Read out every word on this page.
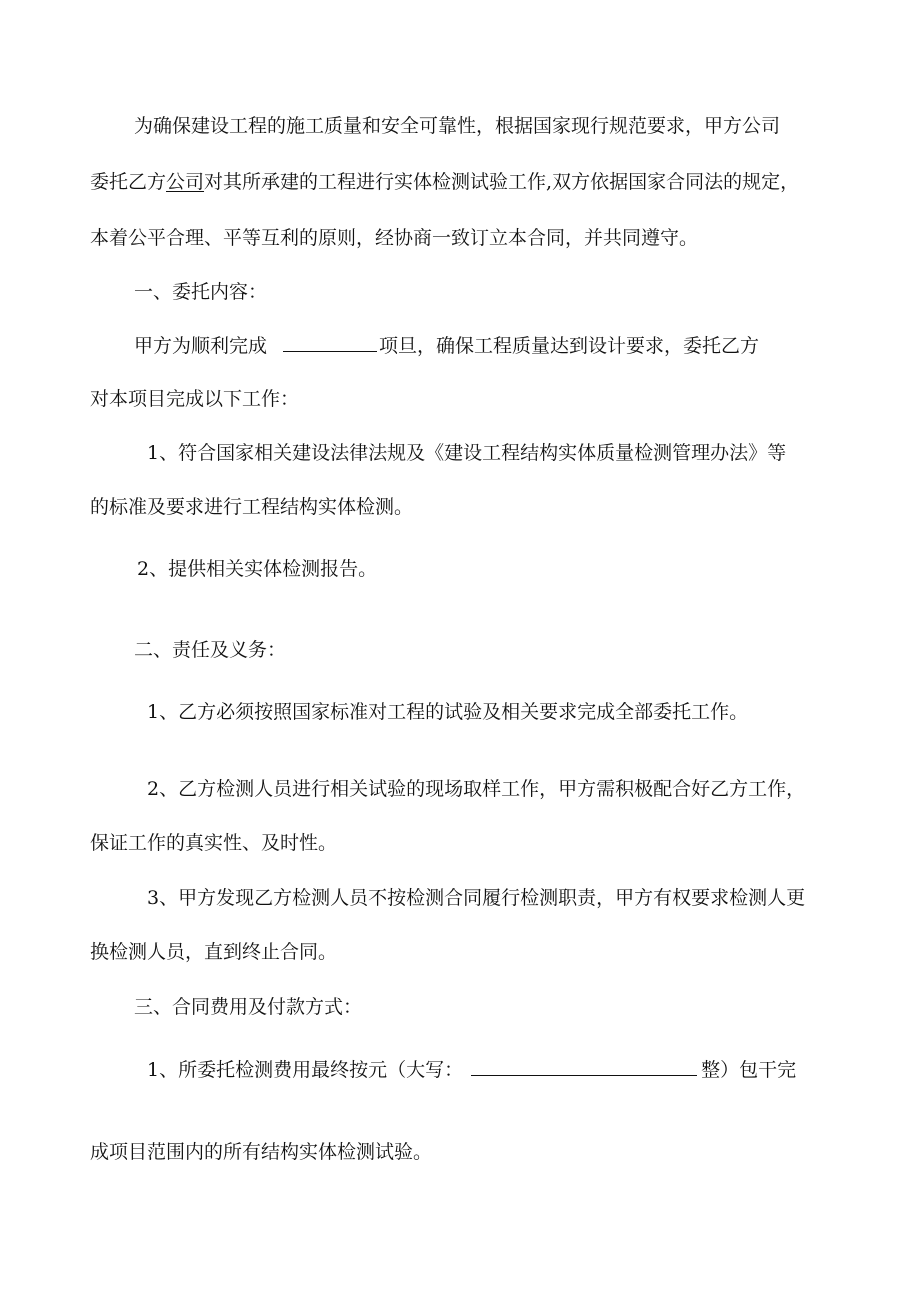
为确保建设工程的施工质量和安全可靠性，根据国家现行规范要求，甲方公司
委托乙方公司对其所承建的工程进行实体检测试验工作,双方依据国家合同法的规定，
本着公平合理、平等互利的原则，经协商一致订立本合同，并共同遵守。
一、委托内容：
甲方为顺利完成	项旦，确保工程质量达到设计要求，委托乙方
对本项目完成以下工作：
1、符合国家相关建设法律法规及《建设工程结构实体质量检测管理办法》等
的标准及要求进行工程结构实体检测。
2、提供相关实体检测报告。
二、责任及义务：
1、乙方必须按照国家标准对工程的试验及相关要求完成全部委托工作。
2、乙方检测人员进行相关试验的现场取样工作，甲方需积极配合好乙方工作，
保证工作的真实性、及时性。
3、甲方发现乙方检测人员不按检测合同履行检测职责，甲方有权要求检测人更
换检测人员，直到终止合同。
三、合同费用及付款方式：
1、所委托检测费用最终按元（大写：	整）包干完
成项目范围内的所有结构实体检测试验。
